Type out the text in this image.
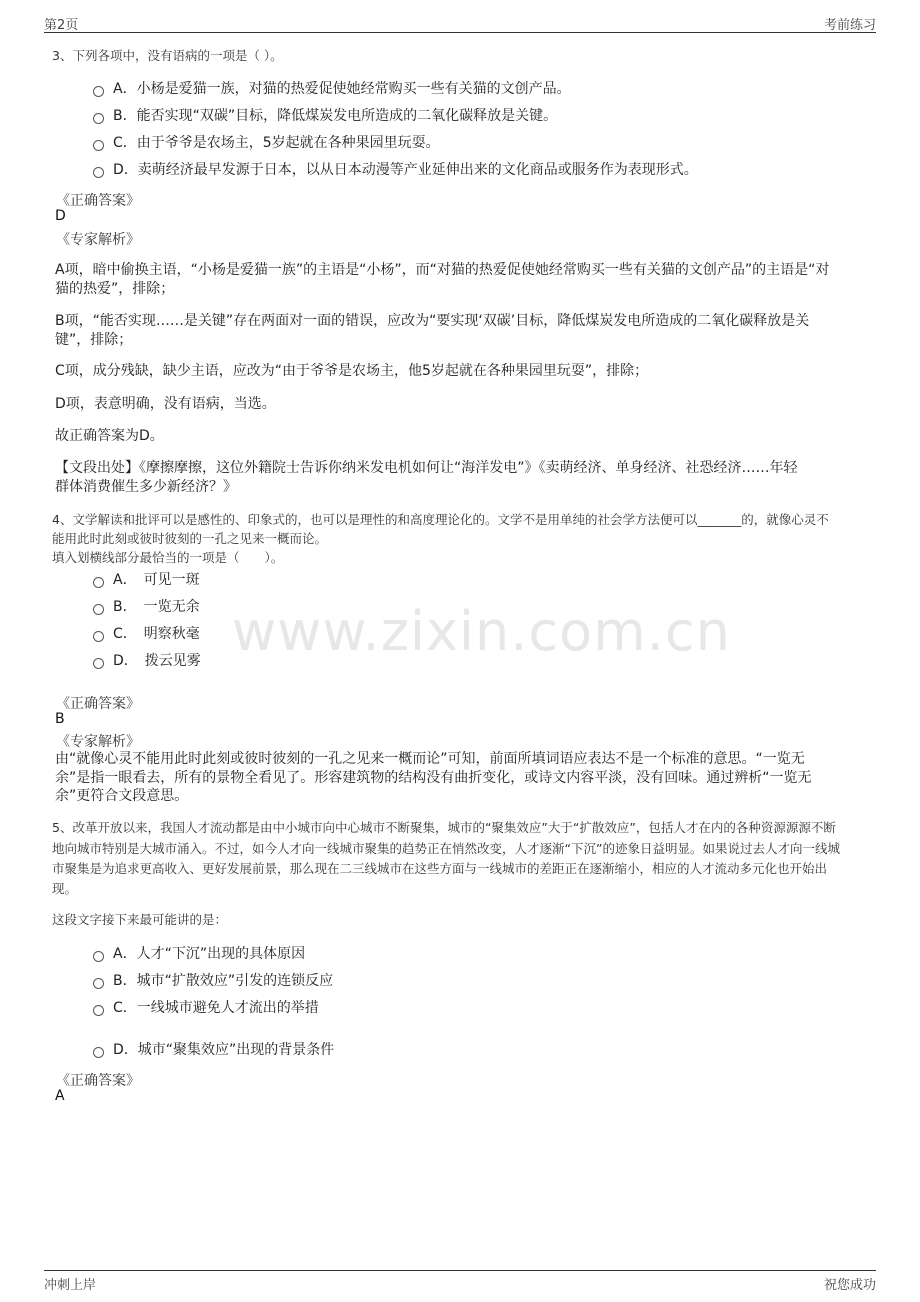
第2页	考前练习
www.zixin.com.cn
3、下列各项中，没有语病的一项是（ ）。
A．小杨是爱猫一族，对猫的热爱促使她经常购买一些有关猫的文创产品。
B．能否实现“双碳”目标，降低煤炭发电所造成的二氧化碳释放是关键。
C．由于爷爷是农场主，5岁起就在各种果园里玩耍。
D．卖萌经济最早发源于日本，以从日本动漫等产业延伸出来的文化商品或服务作为表现形式。
《正确答案》
D
《专家解析》
A项，暗中偷换主语，“小杨是爱猫一族”的主语是“小杨”，而“对猫的热爱促使她经常购买一些有关猫的文创产品”的主语是“对
猫的热爱”，排除；
B项，“能否实现……是关键”存在两面对一面的错误，应改为“要实现‘双碳’目标，降低煤炭发电所造成的二氧化碳释放是关
键”，排除；
C项，成分残缺，缺少主语，应改为“由于爷爷是农场主，他5岁起就在各种果园里玩耍”，排除；
D项，表意明确，没有语病，当选。
故正确答案为D。
【文段出处】《摩擦摩擦，这位外籍院士告诉你纳米发电机如何让“海洋发电”》《卖萌经济、单身经济、社恐经济……年轻
群体消费催生多少新经济？》
4、文学解读和批评可以是感性的、印象式的，也可以是理性的和高度理论化的。文学不是用单纯的社会学方法便可以_______的，就像心灵不
能用此时此刻或彼时彼刻的一孔之见来一概而论。
填入划横线部分最恰当的一项是（　　）。
A．　可见一斑
B．　一览无余
C．　明察秋毫
D．　拨云见雾
《正确答案》
B
《专家解析》
由“就像心灵不能用此时此刻或彼时彼刻的一孔之见来一概而论”可知，前面所填词语应表达不是一个标准的意思。“一览无
余”是指一眼看去，所有的景物全看见了。形容建筑物的结构没有曲折变化，或诗文内容平淡，没有回味。通过辨析“一览无
余”更符合文段意思。
5、改革开放以来，我国人才流动都是由中小城市向中心城市不断聚集，城市的“聚集效应”大于“扩散效应”，包括人才在内的各种资源源源不断
地向城市特别是大城市涌入。不过，如今人才向一线城市聚集的趋势正在悄然改变，人才逐渐“下沉”的迹象日益明显。如果说过去人才向一线城
市聚集是为追求更高收入、更好发展前景，那么现在二三线城市在这些方面与一线城市的差距正在逐渐缩小，相应的人才流动多元化也开始出
现。
这段文字接下来最可能讲的是：
A．人才“下沉”出现的具体原因
B．城市“扩散效应”引发的连锁反应
C．一线城市避免人才流出的举措
D．城市“聚集效应”出现的背景条件
《正确答案》
A
冲刺上岸	祝您成功
